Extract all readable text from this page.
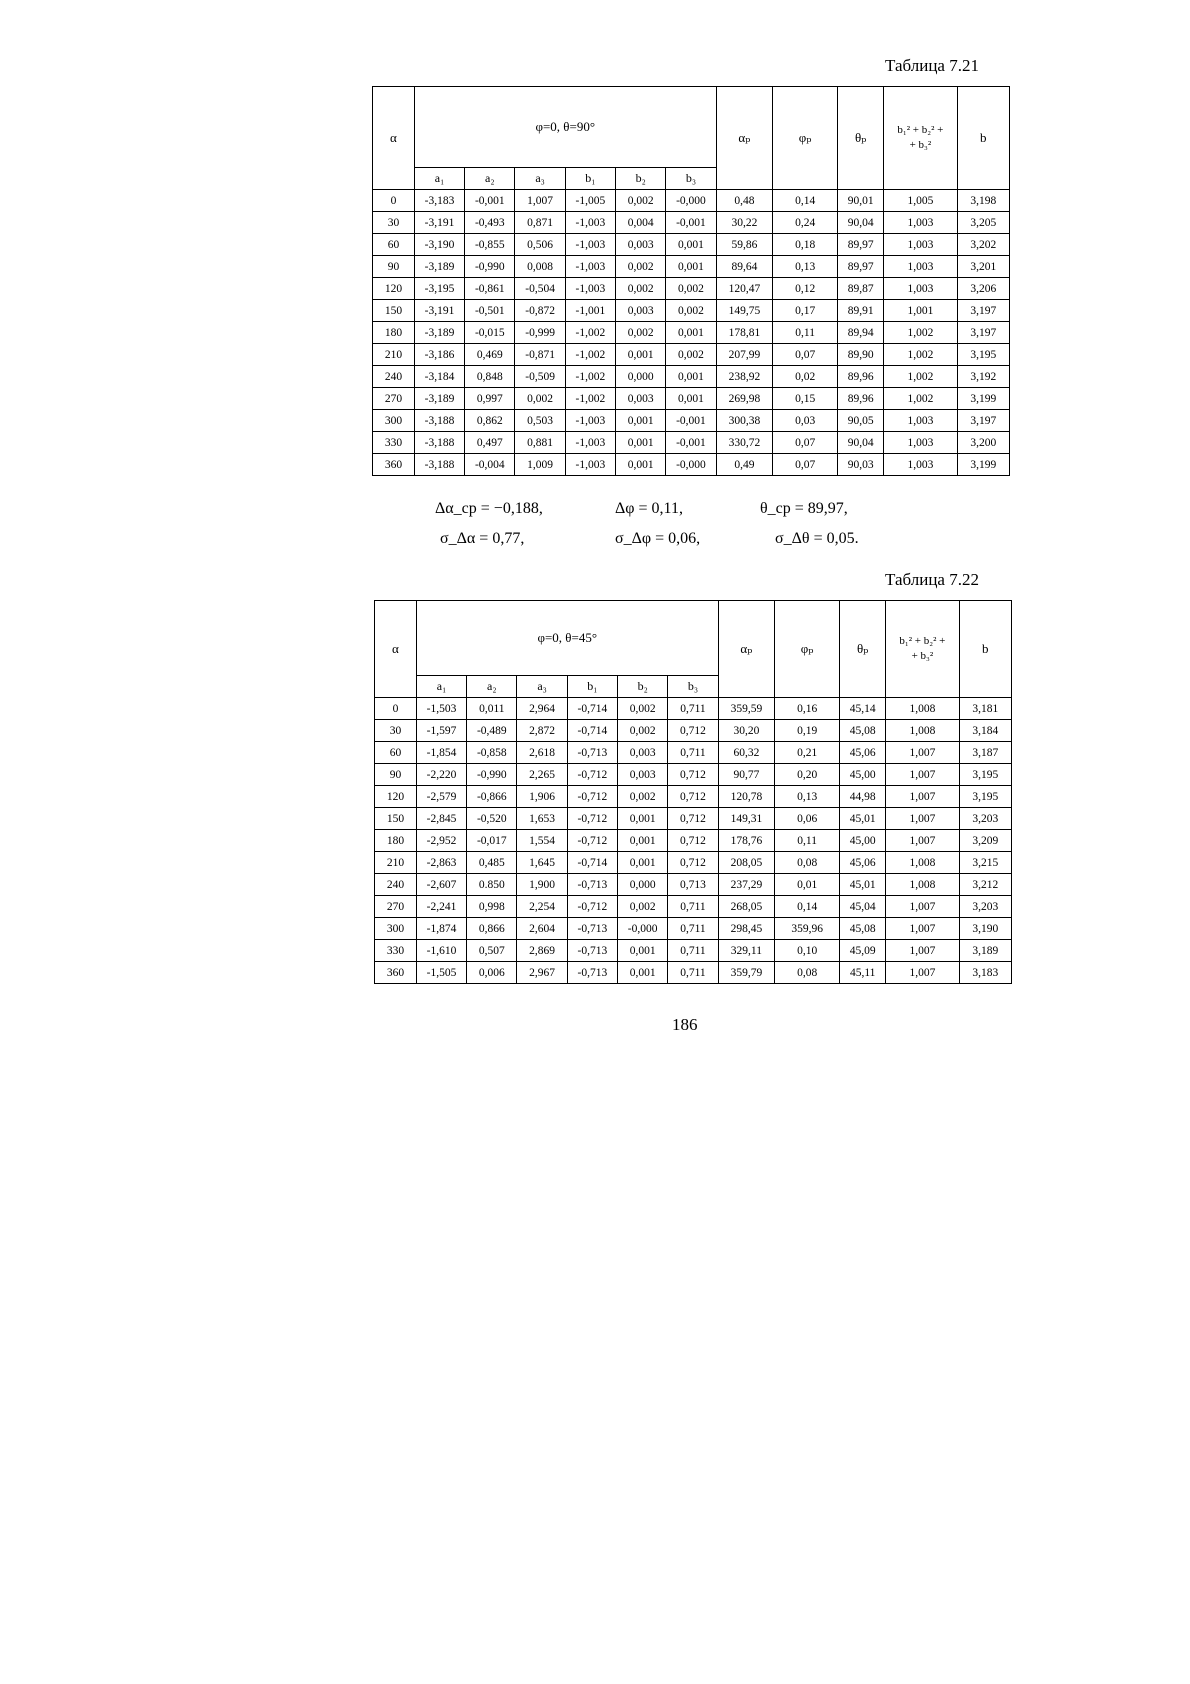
Таблица 7.21
α	φ=0, θ=90°						αₚ	φₚ	θₚ	b₁² + b₂² +
+ b₃²	b
	a₁	a₂	a₃	b₁	b₂	b₃					
0	-3,183	-0,001	1,007	-1,005	0,002	-0,000	0,48	0,14	90,01	1,005	3,198
30	-3,191	-0,493	0,871	-1,003	0,004	-0,001	30,22	0,24	90,04	1,003	3,205
60	-3,190	-0,855	0,506	-1,003	0,003	0,001	59,86	0,18	89,97	1,003	3,202
90	-3,189	-0,990	0,008	-1,003	0,002	0,001	89,64	0,13	89,97	1,003	3,201
120	-3,195	-0,861	-0,504	-1,003	0,002	0,002	120,47	0,12	89,87	1,003	3,206
150	-3,191	-0,501	-0,872	-1,001	0,003	0,002	149,75	0,17	89,91	1,001	3,197
180	-3,189	-0,015	-0,999	-1,002	0,002	0,001	178,81	0,11	89,94	1,002	3,197
210	-3,186	0,469	-0,871	-1,002	0,001	0,002	207,99	0,07	89,90	1,002	3,195
240	-3,184	0,848	-0,509	-1,002	0,000	0,001	238,92	0,02	89,96	1,002	3,192
270	-3,189	0,997	0,002	-1,002	0,003	0,001	269,98	0,15	89,96	1,002	3,199
300	-3,188	0,862	0,503	-1,003	0,001	-0,001	300,38	0,03	90,05	1,003	3,197
330	-3,188	0,497	0,881	-1,003	0,001	-0,001	330,72	0,07	90,04	1,003	3,200
360	-3,188	-0,004	1,009	-1,003	0,001	-0,000	0,49	0,07	90,03	1,003	3,199
Δα_ср = −0,188,	Δφ = 0,11,	θ_ср = 89,97,
σ_Δα = 0,77,	σ_Δφ = 0,06,	σ_Δθ = 0,05.
Таблица 7.22
α	φ=0, θ=45°						αₚ	φₚ	θₚ	b₁² + b₂² +
+ b₃²	b
	a₁	a₂	a₃	b₁	b₂	b₃					
0	-1,503	0,011	2,964	-0,714	0,002	0,711	359,59	0,16	45,14	1,008	3,181
30	-1,597	-0,489	2,872	-0,714	0,002	0,712	30,20	0,19	45,08	1,008	3,184
60	-1,854	-0,858	2,618	-0,713	0,003	0,711	60,32	0,21	45,06	1,007	3,187
90	-2,220	-0,990	2,265	-0,712	0,003	0,712	90,77	0,20	45,00	1,007	3,195
120	-2,579	-0,866	1,906	-0,712	0,002	0,712	120,78	0,13	44,98	1,007	3,195
150	-2,845	-0,520	1,653	-0,712	0,001	0,712	149,31	0,06	45,01	1,007	3,203
180	-2,952	-0,017	1,554	-0,712	0,001	0,712	178,76	0,11	45,00	1,007	3,209
210	-2,863	0,485	1,645	-0,714	0,001	0,712	208,05	0,08	45,06	1,008	3,215
240	-2,607	0.850	1,900	-0,713	0,000	0,713	237,29	0,01	45,01	1,008	3,212
270	-2,241	0,998	2,254	-0,712	0,002	0,711	268,05	0,14	45,04	1,007	3,203
300	-1,874	0,866	2,604	-0,713	-0,000	0,711	298,45	359,96	45,08	1,007	3,190
330	-1,610	0,507	2,869	-0,713	0,001	0,711	329,11	0,10	45,09	1,007	3,189
360	-1,505	0,006	2,967	-0,713	0,001	0,711	359,79	0,08	45,11	1,007	3,183
186
